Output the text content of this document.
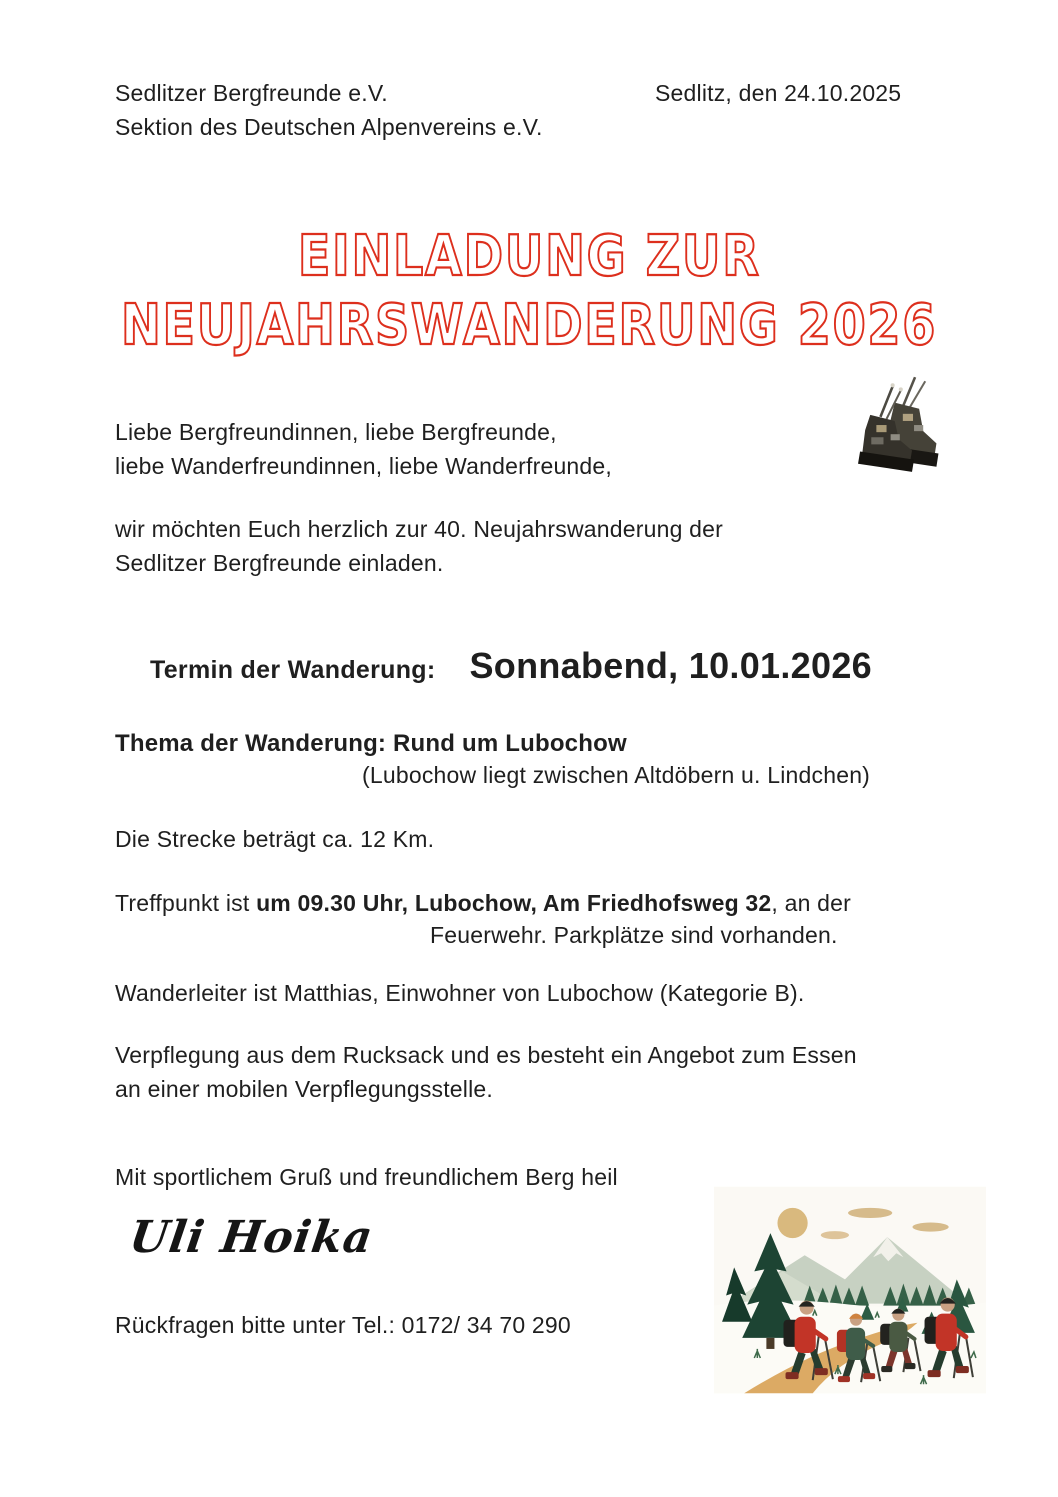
Sedlitzer Bergfreunde e.V.
Sektion des Deutschen Alpenvereins e.V.
Sedlitz, den 24.10.2025
EINLADUNG ZUR
NEUJAHRSWANDERUNG 2026
Liebe Bergfreundinnen, liebe Bergfreunde,
liebe Wanderfreundinnen, liebe Wanderfreunde,
wir möchten Euch herzlich zur 40. Neujahrswanderung der
Sedlitzer Bergfreunde einladen.
Termin der Wanderung: Sonnabend, 10.01.2026
Thema der Wanderung: Rund um Lubochow
(Lubochow liegt zwischen Altdöbern u. Lindchen)
Die Strecke beträgt ca. 12 Km.
Treffpunkt ist um 09.30 Uhr, Lubochow, Am Friedhofsweg 32, an der
Feuerwehr. Parkplätze sind vorhanden.
Wanderleiter ist Matthias, Einwohner von Lubochow (Kategorie B).
Verpflegung aus dem Rucksack und es besteht ein Angebot zum Essen
an einer mobilen Verpflegungsstelle.
Mit sportlichem Gruß und freundlichem Berg heil
Uli Hoika
Rückfragen bitte unter Tel.: 0172/ 34 70 290
